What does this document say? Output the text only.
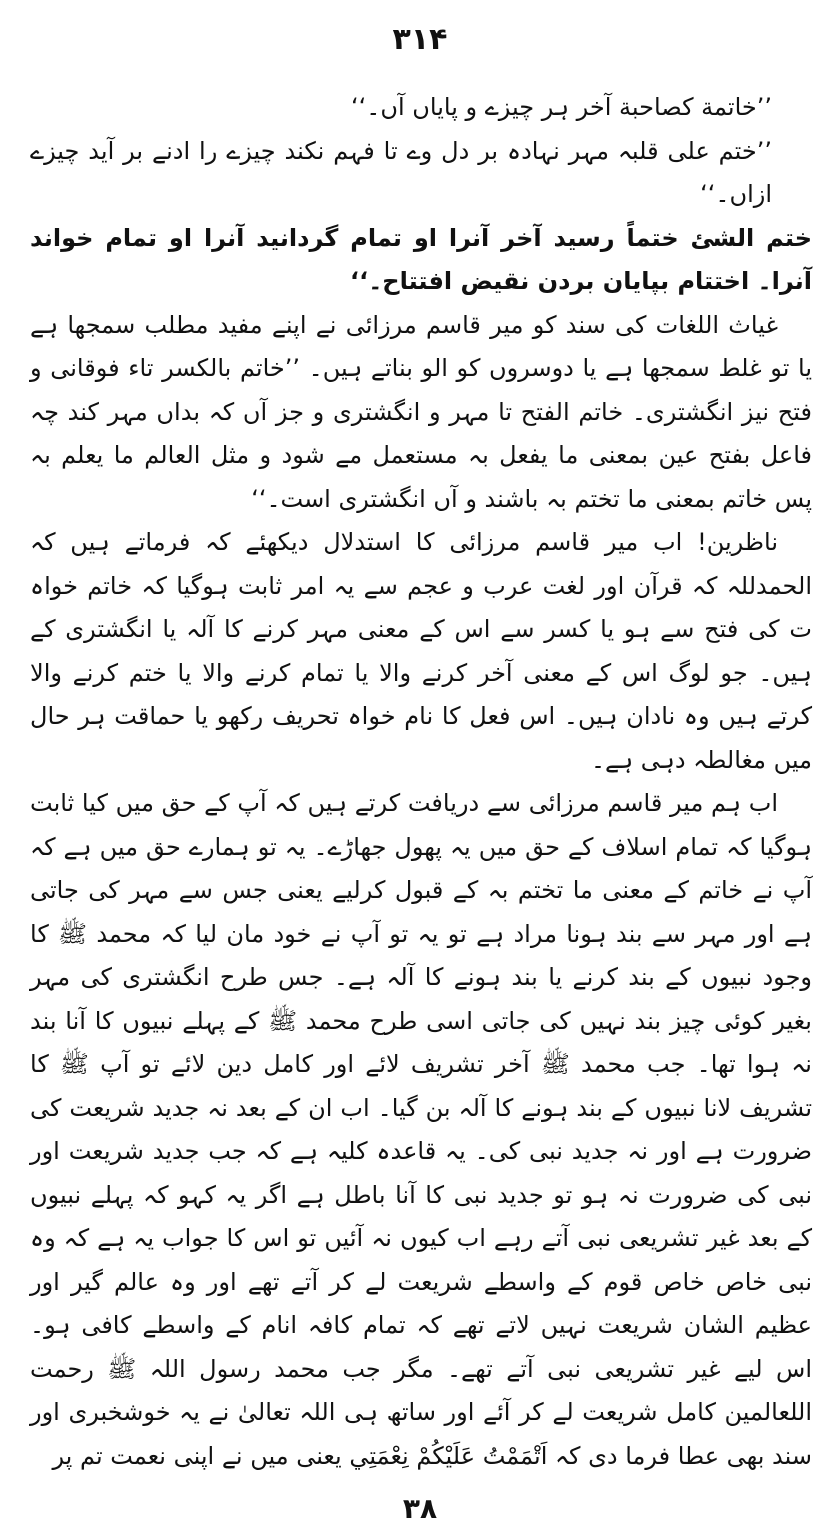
۳۱۴

’’خاتمة کصاحبة آخر ہر چیزے و پایاں آں۔‘‘

’’ختم علی قلبہ مہر نہادہ بر دل وے تا فہم نکند چیزے را ادنے بر آید چیزے ازاں۔‘‘

ختم الشئ ختماً رسید آخر آنرا او تمام گردانید آنرا او تمام خواند آنرا۔ اختتام بپایان بردن نقیض افتتاح۔‘‘

غیاث اللغات کی سند کو میر قاسم مرزائی نے اپنے مفید مطلب سمجھا ہے یا تو غلط سمجھا ہے یا دوسروں کو الو بناتے ہیں۔ ’’خاتم بالکسر تاء فوقانی و فتح نیز انگشتری۔ خاتم الفتح تا مہر و انگشتری و جز آں کہ بداں مہر کند چہ فاعل بفتح عین بمعنی ما یفعل بہ مستعمل مے شود و مثل العالم ما یعلم بہ پس خاتم بمعنی ما تختم بہ باشند و آں انگشتری است۔‘‘

ناظرین! اب میر قاسم مرزائی کا استدلال دیکھئے کہ فرماتے ہیں کہ الحمدللہ کہ قرآن اور لغت عرب و عجم سے یہ امر ثابت ہوگیا کہ خاتم خواہ ت کی فتح سے ہو یا کسر سے اس کے معنی مہر کرنے کا آلہ یا انگشتری کے ہیں۔ جو لوگ اس کے معنی آخر کرنے والا یا تمام کرنے والا یا ختم کرنے والا کرتے ہیں وہ نادان ہیں۔ اس فعل کا نام خواہ تحریف رکھو یا حماقت ہر حال میں مغالطہ دہی ہے۔

اب ہم میر قاسم مرزائی سے دریافت کرتے ہیں کہ آپ کے حق میں کیا ثابت ہوگیا کہ تمام اسلاف کے حق میں یہ پھول جھاڑے۔ یہ تو ہمارے حق میں ہے کہ آپ نے خاتم کے معنی ما تختم بہ کے قبول کرلیے یعنی جس سے مہر کی جاتی ہے اور مہر سے بند ہونا مراد ہے تو یہ تو آپ نے خود مان لیا کہ محمد ﷺ کا وجود نبیوں کے بند کرنے یا بند ہونے کا آلہ ہے۔ جس طرح انگشتری کی مہر بغیر کوئی چیز بند نہیں کی جاتی اسی طرح محمد ﷺ کے پہلے نبیوں کا آنا بند نہ ہوا تھا۔ جب محمد ﷺ آخر تشریف لائے اور کامل دین لائے تو آپ ﷺ کا تشریف لانا نبیوں کے بند ہونے کا آلہ بن گیا۔ اب ان کے بعد نہ جدید شریعت کی ضرورت ہے اور نہ جدید نبی کی۔ یہ قاعدہ کلیہ ہے کہ جب جدید شریعت اور نبی کی ضرورت نہ ہو تو جدید نبی کا آنا باطل ہے اگر یہ کہو کہ پہلے نبیوں کے بعد غیر تشریعی نبی آتے رہے اب کیوں نہ آئیں تو اس کا جواب یہ ہے کہ وہ نبی خاص خاص قوم کے واسطے شریعت لے کر آتے تھے اور وہ عالم گیر اور عظیم الشان شریعت نہیں لاتے تھے کہ تمام کافہ انام کے واسطے کافی ہو۔ اس لیے غیر تشریعی نبی آتے تھے۔ مگر جب محمد رسول اللہ ﷺ رحمت اللعالمین کامل شریعت لے کر آئے اور ساتھ ہی اللہ تعالیٰ نے یہ خوشخبری اور سند بھی عطا فرما دی کہ اَتْمَمْتُ عَلَيْكُمْ نِعْمَتِي یعنی میں نے اپنی نعمت تم پر

۳۸
